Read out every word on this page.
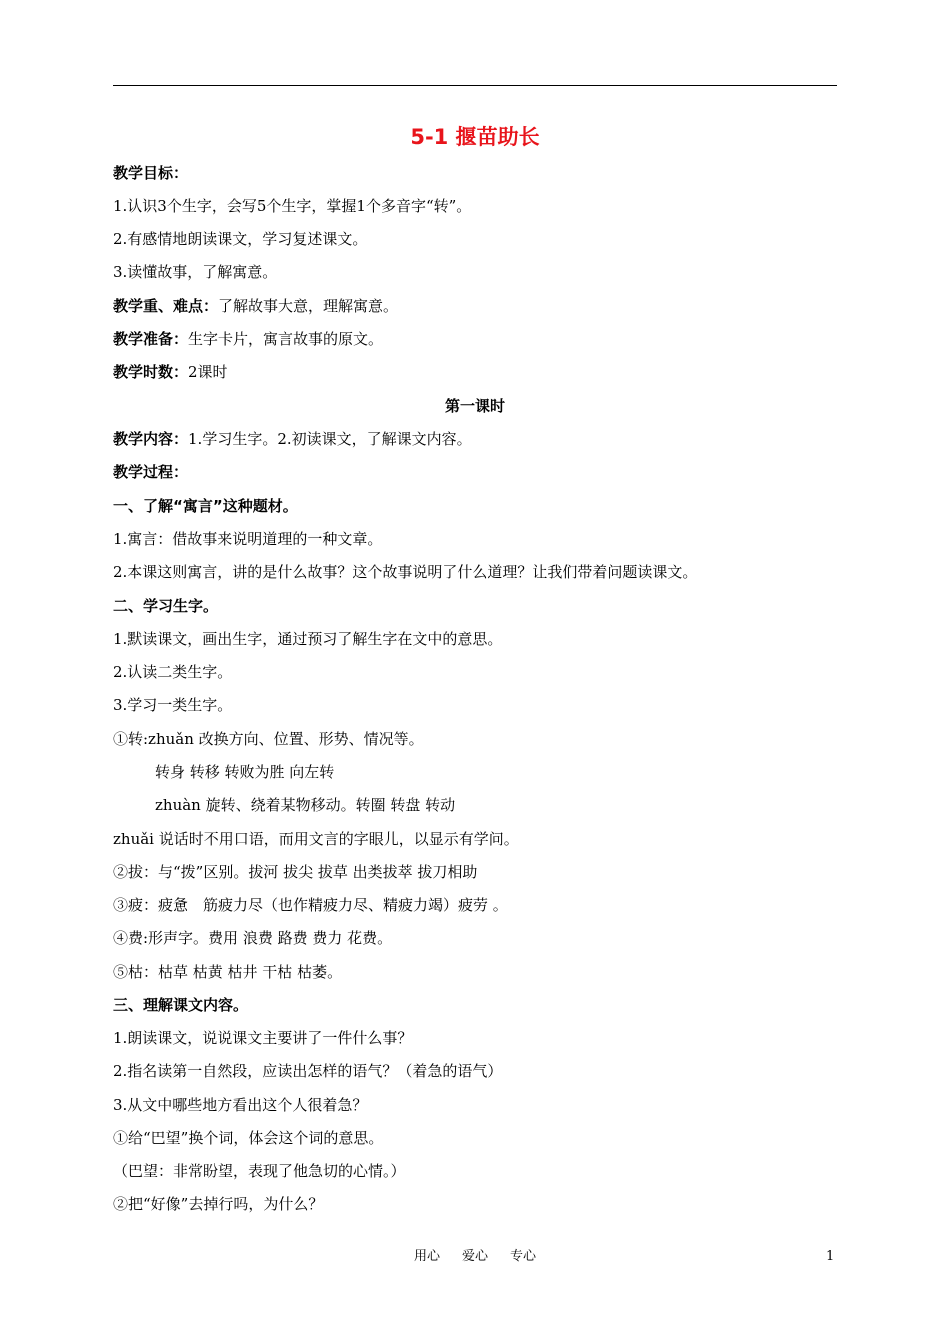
5-1 揠苗助长
教学目标：
1.认识3个生字，会写5个生字，掌握1个多音字“转”。
2.有感情地朗读课文，学习复述课文。
3.读懂故事，了解寓意。
教学重、难点：了解故事大意，理解寓意。
教学准备：生字卡片，寓言故事的原文。
教学时数：2课时
第一课时
教学内容：1.学习生字。2.初读课文，了解课文内容。
教学过程：
一、了解“寓言”这种题材。
1.寓言：借故事来说明道理的一种文章。
2.本课这则寓言，讲的是什么故事？这个故事说明了什么道理？让我们带着问题读课文。
二、学习生字。
1.默读课文，画出生字，通过预习了解生字在文中的意思。
2.认读二类生字。
3.学习一类生字。
①转:zhuǎn 改换方向、位置、形势、情况等。
转身 转移 转败为胜 向左转
zhuàn 旋转、绕着某物移动。转圈 转盘 转动
zhuǎi 说话时不用口语，而用文言的字眼儿，以显示有学问。
②拔：与“拨”区别。拔河 拔尖 拔草 出类拔萃 拔刀相助
③疲：疲惫　筋疲力尽（也作精疲力尽、精疲力竭）疲劳 。
④费:形声字。费用 浪费 路费 费力 花费。
⑤枯：枯草 枯黄 枯井 干枯 枯萎。
三、理解课文内容。
1.朗读课文，说说课文主要讲了一件什么事？
2.指名读第一自然段，应读出怎样的语气？（着急的语气）
3.从文中哪些地方看出这个人很着急？
①给“巴望”换个词，体会这个词的意思。
（巴望：非常盼望，表现了他急切的心情。）
②把“好像”去掉行吗，为什么？
用心 爱心 专心	1
